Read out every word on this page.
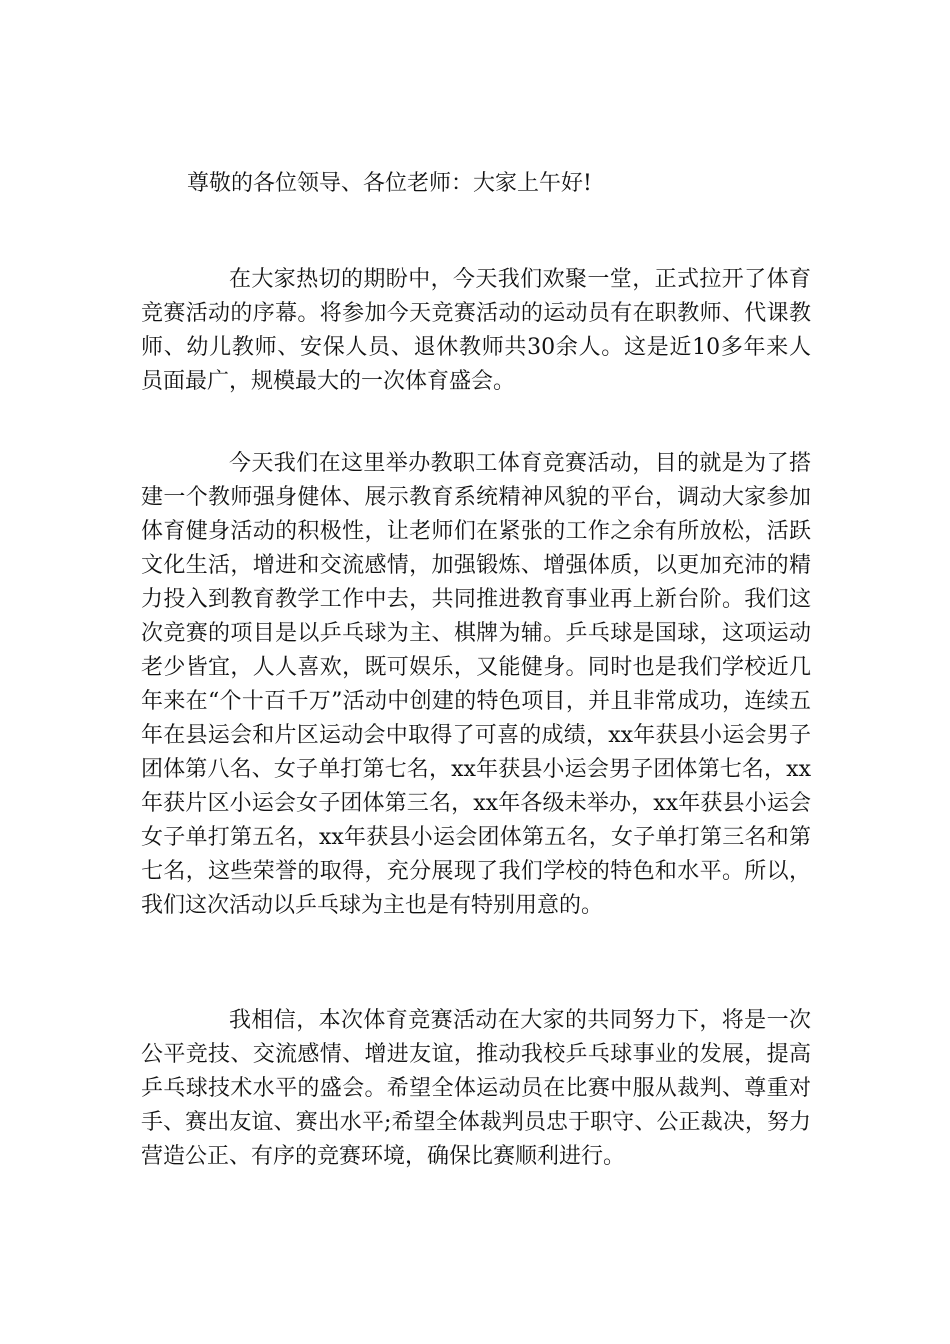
尊敬的各位领导、各位老师：大家上午好!

在大家热切的期盼中，今天我们欢聚一堂，正式拉开了体育竞赛活动的序幕。将参加今天竞赛活动的运动员有在职教师、代课教师、幼儿教师、安保人员、退休教师共30余人。这是近10多年来人员面最广，规模最大的一次体育盛会。

今天我们在这里举办教职工体育竞赛活动，目的就是为了搭建一个教师强身健体、展示教育系统精神风貌的平台，调动大家参加体育健身活动的积极性，让老师们在紧张的工作之余有所放松，活跃文化生活，增进和交流感情，加强锻炼、增强体质，以更加充沛的精力投入到教育教学工作中去，共同推进教育事业再上新台阶。我们这次竞赛的项目是以乒乓球为主、棋牌为辅。乒乓球是国球，这项运动老少皆宜，人人喜欢，既可娱乐，又能健身。同时也是我们学校近几年来在“个十百千万”活动中创建的特色项目，并且非常成功，连续五年在县运会和片区运动会中取得了可喜的成绩，xx年获县小运会男子团体第八名、女子单打第七名，xx年获县小运会男子团体第七名，xx年获片区小运会女子团体第三名，xx年各级未举办，xx年获县小运会女子单打第五名，xx年获县小运会团体第五名，女子单打第三名和第七名，这些荣誉的取得，充分展现了我们学校的特色和水平。所以，我们这次活动以乒乓球为主也是有特别用意的。

我相信，本次体育竞赛活动在大家的共同努力下，将是一次公平竞技、交流感情、增进友谊，推动我校乒乓球事业的发展，提高乒乓球技术水平的盛会。希望全体运动员在比赛中服从裁判、尊重对手、赛出友谊、赛出水平;希望全体裁判员忠于职守、公正裁决，努力营造公正、有序的竞赛环境，确保比赛顺利进行。
